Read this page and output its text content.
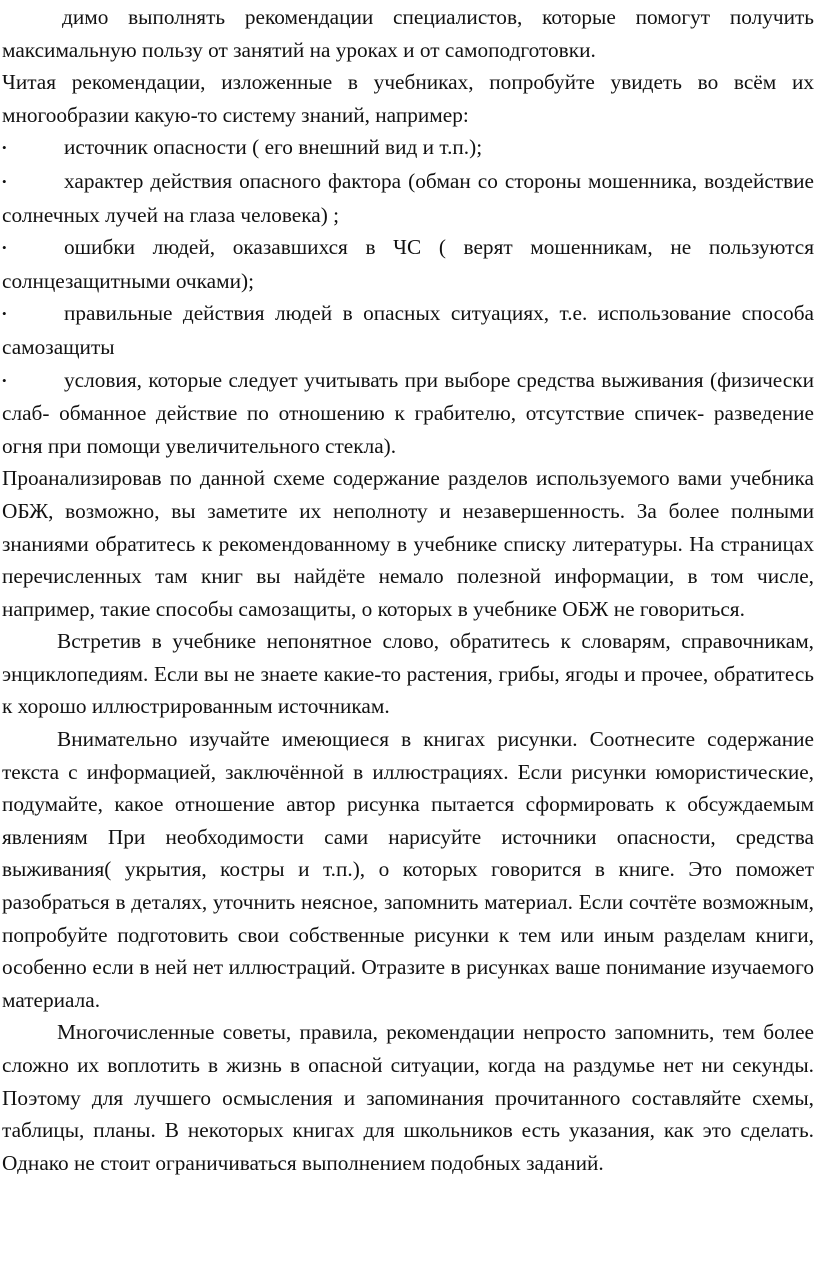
димо выполнять рекомендации специалистов, которые помогут получить максимальную пользу от занятий на уроках и от самоподготовки.

Читая рекомендации, изложенные в учебниках, попробуйте увидеть во всём их многообразии какую-то систему знаний, например:

•	источник опасности ( его внешний вид и т.п.);

•	характер действия опасного фактора (обман со стороны мошенника, воздействие солнечных лучей на глаза человека) ;

•	ошибки людей, оказавшихся в ЧС ( верят мошенникам, не пользуются солнцезащитными очками);

•	правильные действия людей в опасных ситуациях, т.е. использование способа самозащиты

•	условия, которые следует учитывать при выборе средства выживания (физически слаб- обманное действие по отношению к грабителю, отсутствие спичек- разведение огня при помощи увеличительного стекла).

Проанализировав по данной схеме содержание разделов используемого вами учебника ОБЖ, возможно, вы заметите их неполноту и незавершенность. За более полными знаниями обратитесь к рекомендованному в учебнике списку литературы. На страницах перечисленных там книг вы найдёте немало полезной информации, в том числе, например, такие способы самозащиты, о которых в учебнике ОБЖ не говориться.

Встретив в учебнике непонятное слово, обратитесь к словарям, справочникам, энциклопедиям. Если вы не знаете какие-то растения, грибы, ягоды и прочее, обратитесь к хорошо иллюстрированным источникам.

Внимательно изучайте имеющиеся в книгах рисунки. Соотнесите содержание текста с информацией, заключённой в иллюстрациях. Если рисунки юмористические, подумайте, какое отношение автор рисунка пытается сформировать к обсуждаемым явлениям При необходимости сами нарисуйте источники опасности, средства выживания( укрытия, костры и т.п.), о которых говорится в книге. Это поможет разобраться в деталях, уточнить неясное, запомнить материал. Если сочтёте возможным, попробуйте подготовить свои собственные рисунки к тем или иным разделам книги, особенно если в ней нет иллюстраций. Отразите в рисунках ваше понимание изучаемого материала.

Многочисленные советы, правила, рекомендации непросто запомнить, тем более сложно их воплотить в жизнь в опасной ситуации, когда на раздумье нет ни секунды. Поэтому для лучшего осмысления и запоминания прочитанного составляйте схемы, таблицы, планы. В некоторых книгах для школьников есть указания, как это сделать. Однако не стоит ограничиваться выполнением подобных заданий.
